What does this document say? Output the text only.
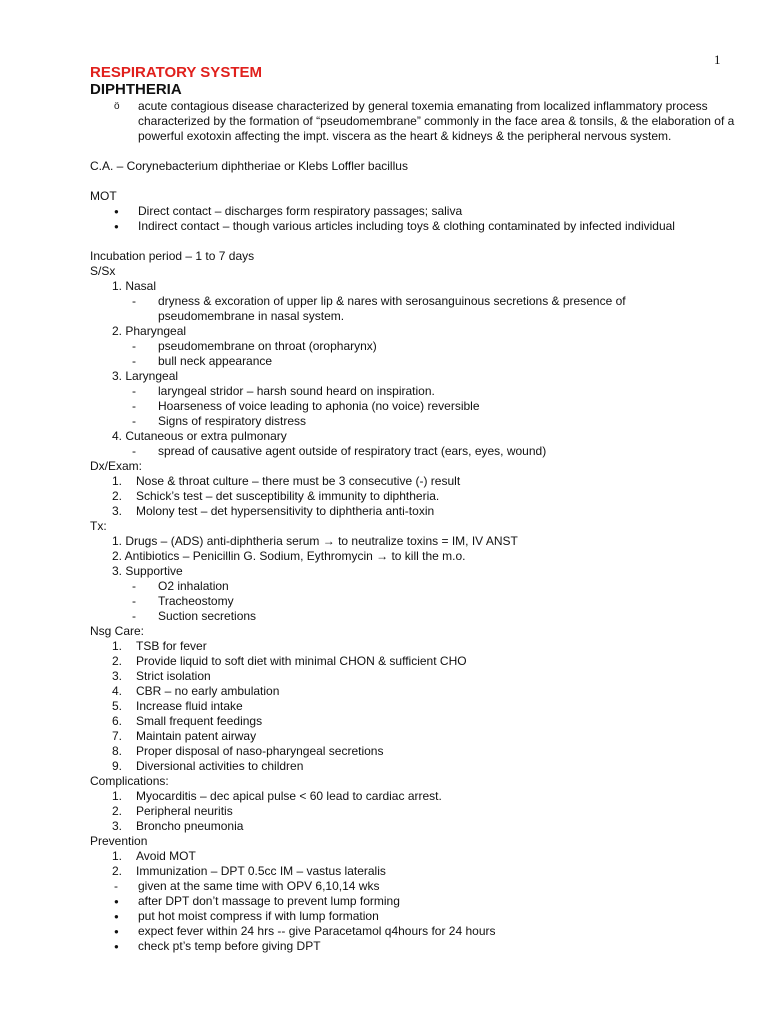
1
RESPIRATORY SYSTEM
DIPHTHERIA
ö acute contagious disease characterized by general toxemia emanating from localized inflammatory process characterized by the formation of “pseudomembrane” commonly in the face area & tonsils, & the elaboration of a powerful exotoxin affecting the impt. viscera as the heart & kidneys & the peripheral nervous system.
C.A. – Corynebacterium diphtheriae or Klebs Loffler bacillus
MOT
● Direct contact – discharges form respiratory passages; saliva
● Indirect contact – though various articles including toys & clothing contaminated by infected individual
Incubation period – 1 to 7 days
S/Sx
1. Nasal
- dryness & excoration of upper lip & nares with serosanguinous secretions & presence of
pseudomembrane in nasal system.
2. Pharyngeal
- pseudomembrane on throat (oropharynx)
- bull neck appearance
3. Laryngeal
- laryngeal stridor – harsh sound heard on inspiration.
- Hoarseness of voice leading to aphonia (no voice) reversible
- Signs of respiratory distress
4. Cutaneous or extra pulmonary
- spread of causative agent outside of respiratory tract (ears, eyes, wound)
Dx/Exam:
1. Nose & throat culture – there must be 3 consecutive (-) result
2. Schick’s test – det susceptibility & immunity to diphtheria.
3. Molony test – det hypersensitivity to diphtheria anti-toxin
Tx:
1. Drugs – (ADS) anti-diphtheria serum → to neutralize toxins = IM, IV ANST
2. Antibiotics – Penicillin G. Sodium, Eythromycin → to kill the m.o.
3. Supportive
- O2 inhalation
- Tracheostomy
- Suction secretions
Nsg Care:
1. TSB for fever
2. Provide liquid to soft diet with minimal CHON & sufficient CHO
3. Strict isolation
4. CBR – no early ambulation
5. Increase fluid intake
6. Small frequent feedings
7. Maintain patent airway
8. Proper disposal of naso-pharyngeal secretions
9. Diversional activities to children
Complications:
1. Myocarditis – dec apical pulse < 60 lead to cardiac arrest.
2. Peripheral neuritis
3. Broncho pneumonia
Prevention
1. Avoid MOT
2. Immunization – DPT 0.5cc IM – vastus lateralis
- given at the same time with OPV 6,10,14 wks
● after DPT don’t massage to prevent lump forming
● put hot moist compress if with lump formation
● expect fever within 24 hrs -- give Paracetamol q4hours for 24 hours
● check pt’s temp before giving DPT
